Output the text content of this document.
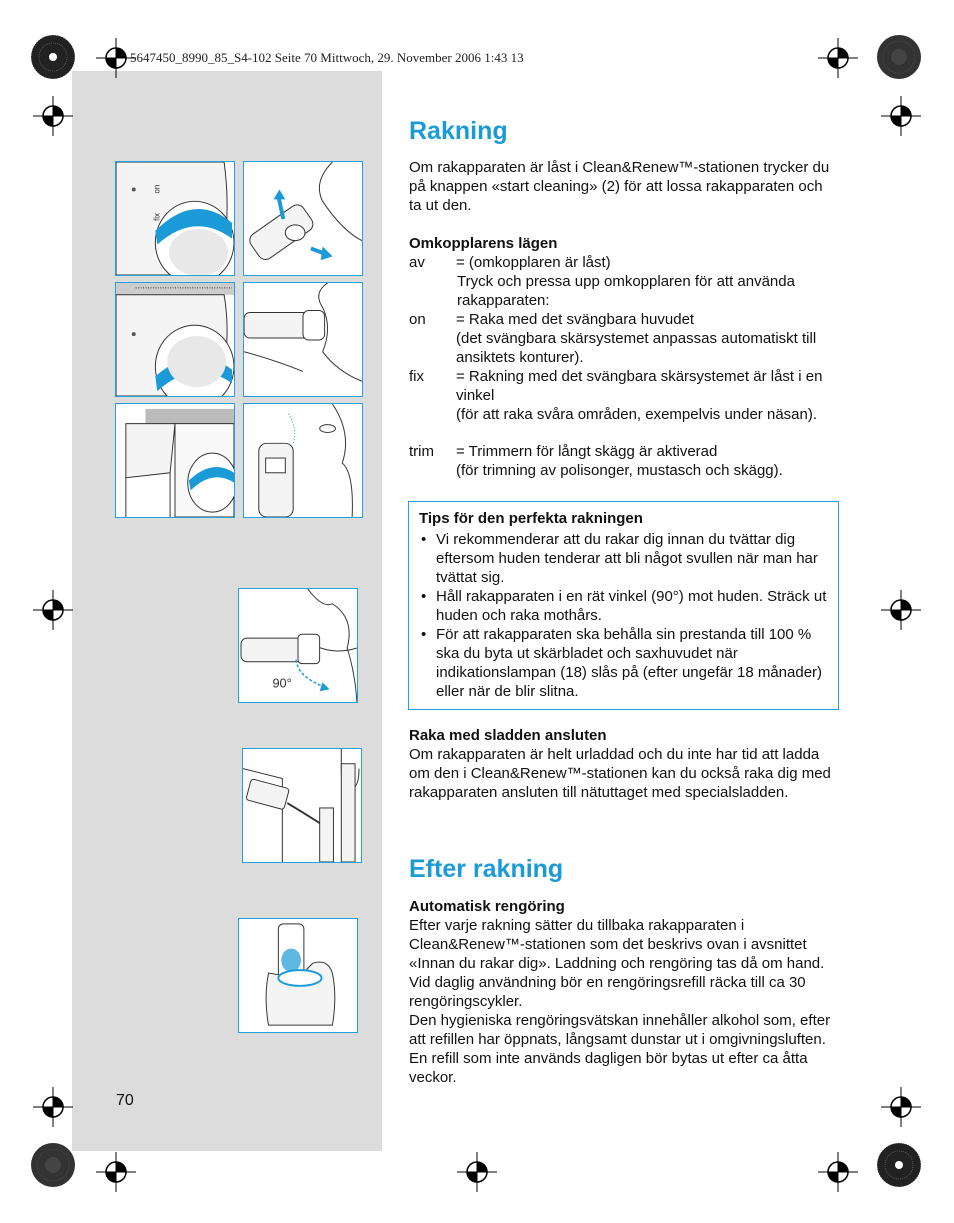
5647450_8990_85_S4-102 Seite 70 Mittwoch, 29. November 2006 1:43 13
fix
on
90°
Rakning

Om rakapparaten är låst i Clean&Renew™-stationen trycker du på knappen «start cleaning» (2) för att lossa rakapparaten och ta ut den.

Omkopplarens lägen

av	= (omkopplaren är låst)

Tryck och pressa upp omkopplaren för att använda rakapparaten:
on	= Raka med det svängbara huvudet

(det svängbara skärsystemet anpassas automatiskt till ansiktets konturer).
fix	= Rakning med det svängbara skärsystemet är låst i en vinkel

(för att raka svåra områden, exempelvis under näsan).
trim	= Trimmern för långt skägg är aktiverad

(för trimning av polisonger, mustasch och skägg).
Tips för den perfekta rakningen
• Vi rekommenderar att du rakar dig innan du tvättar dig eftersom huden tenderar att bli något svullen när man har tvättat sig.
• Håll rakapparaten i en rät vinkel (90°) mot huden. Sträck ut huden och raka mothårs.
• För att rakapparaten ska behålla sin prestanda till 100 % ska du byta ut skärbladet och saxhuvudet när indikationslampan (18) slås på (efter ungefär 18 månader) eller när de blir slitna.

Raka med sladden ansluten

Om rakapparaten är helt urladdad och du inte har tid att ladda om den i Clean&Renew™-stationen kan du också raka dig med rakapparaten ansluten till nätuttaget med specialsladden.

Efter rakning

Automatisk rengöring

Efter varje rakning sätter du tillbaka rakapparaten i Clean&Renew™-stationen som det beskrivs ovan i avsnittet «Innan du rakar dig». Laddning och rengöring tas då om hand. Vid daglig användning bör en rengöringsrefill räcka till ca 30 rengöringscykler.

Den hygieniska rengöringsvätskan innehåller alkohol som, efter att refillen har öppnats, långsamt dunstar ut i omgivningsluften. En refill som inte används dagligen bör bytas ut efter ca åtta veckor.

70
